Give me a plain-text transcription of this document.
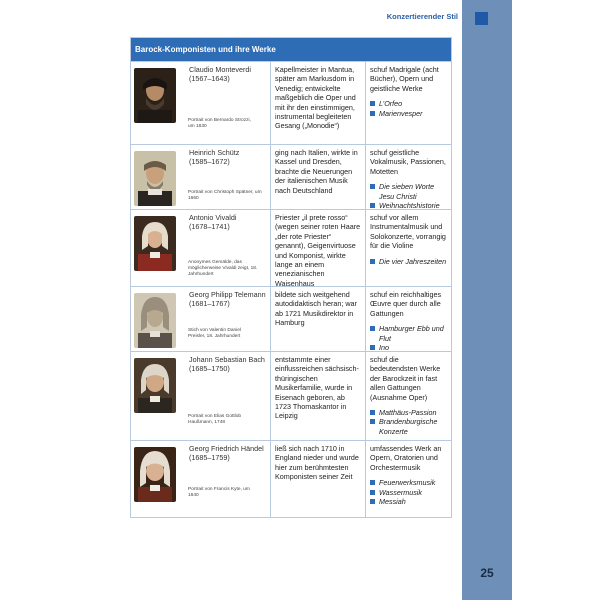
Konzertierender Stil
25
Barock-Komponisten und ihre Werke
Claudio Monteverdi
(1567–1643)
Portrait von Bernardo Strozzi, um 1630
Kapellmeister in Mantua, später am Markusdom in Venedig; entwickelte maßgeblich die Oper und mit ihr den einstimmigen, instrumental begleiteten Gesang („Monodie“)
schuf Madrigale (acht Bücher), Opern und geistliche Werke
L’Orfeo
Marienvesper
Heinrich Schütz
(1585–1672)
Portrait von Christoph Spätner, um 1660
ging nach Italien, wirkte in Kassel und Dresden, brachte die Neuerungen der italienischen Musik nach Deutschland
schuf geistliche Vokalmusik, Passionen, Motetten
Die sieben Worte Jesu Christi
Weihnachtshistorie
Antonio Vivaldi
(1678–1741)
Anonymes Gemälde, das möglicherweise Vivaldi zeigt, 18. Jahrhundert
Priester „il prete rosso“ (wegen seiner roten Haare „der rote Priester“ genannt), Geigenvirtuose und Komponist, wirkte lange an einem venezianischen Waisenhaus
schuf vor allem Instrumentalmusik und Solokonzerte, vorrangig für die Violine
Die vier Jahreszeiten
Georg Philipp Telemann
(1681–1767)
Stich von Valentin Daniel Preisler, 18. Jahrhundert
bildete sich weitgehend autodidaktisch heran; war ab 1721 Musikdirektor in Hamburg
schuf ein reichhaltiges Œuvre quer durch alle Gattungen
Hamburger Ebb und Flut
Ino
Johann Sebastian Bach
(1685–1750)
Portrait von Elias Gottlob Haußmann, 1748
entstammte einer einflussreichen sächsisch-thüringischen Musikerfamilie, wurde in Eisenach geboren, ab 1723 Thomaskantor in Leipzig
schuf die bedeutendsten Werke der Barockzeit in fast allen Gattungen (Ausnahme Oper)
Matthäus-Passion
Brandenburgische Konzerte
Georg Friedrich Händel
(1685–1759)
Portrait von Francis Kyte, um 1640
ließ sich nach 1710 in England nieder und wurde hier zum berühmtesten Komponisten seiner Zeit
umfassendes Werk an Opern, Oratorien und Orchestermusik
Feuerwerksmusik
Wassermusik
Messiah
